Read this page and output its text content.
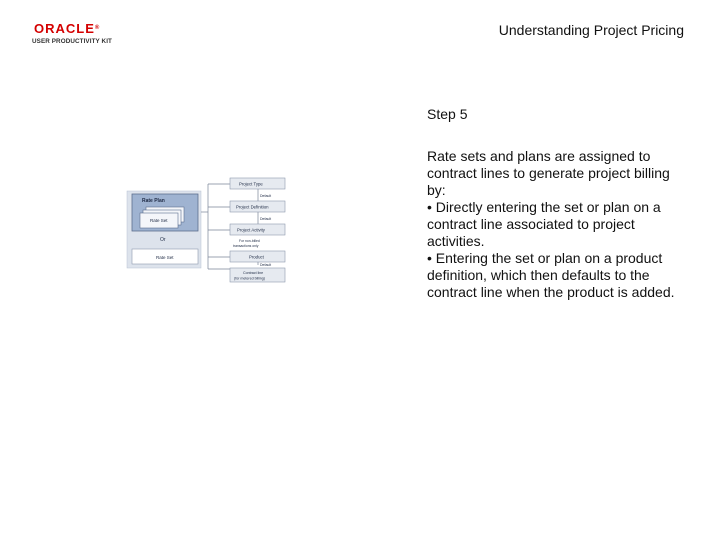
ORACLE®
USER PRODUCTIVITY KIT
Understanding Project Pricing
Step 5

Rate sets and plans are assigned to contract lines to generate project billing by:

• Directly entering the set or plan on a contract line associated to project activities.

• Entering the set or plan on a product definition, which then defaults to the contract line when the product is added.

Rate Plan
Rate Set
Or
Rate Set
Project Type
Default
Project Definition
Default
Project Activity
For non-billed transactions only
Product
Default
Contract line (for metered billing)
